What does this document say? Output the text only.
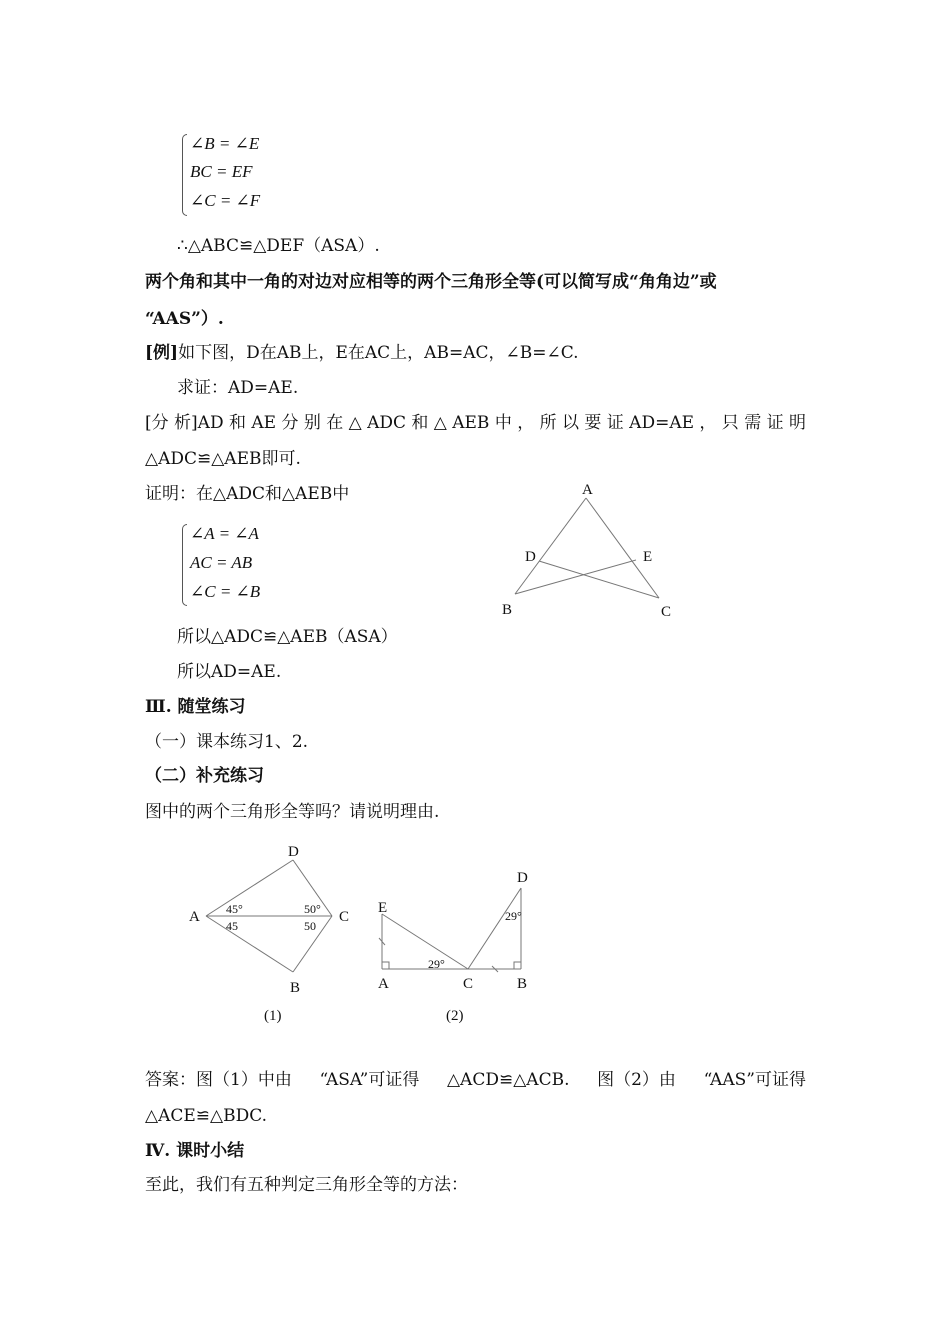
∠B = ∠E
BC = EF
∠C = ∠F
∴△ABC≌△DEF（ASA）.
两个角和其中一角的对边对应相等的两个三角形全等(可以简写成“角角边”或
“AAS”）.
[例]如下图，D在AB上，E在AC上，AB=AC，∠B=∠C.
求证：AD=AE.
[分 析]AD 和 AE 分 别 在 △ ADC 和 △ AEB 中 ， 所 以 要 证 AD=AE ， 只 需 证 明
△ADC≌△AEB即可.
证明：在△ADC和△AEB中
∠A = ∠A
AC = AB
∠C = ∠B
所以△ADC≌△AEB（ASA）
所以AD=AE.
A
D	E
B	C
Ⅲ. 随堂练习
（一）课本练习1、2.
（二）补充练习
图中的两个三角形全等吗？请说明理由.
D
A	C
B
45°
45
50°
50
(1)
E
D
A	C	B
29°
29°
(2)
答案：图（1）中由 “ASA”可证得 △ACD≌△ACB. 图（2）由 “AAS”可证得
△ACE≌△BDC.
Ⅳ. 课时小结
至此，我们有五种判定三角形全等的方法：
